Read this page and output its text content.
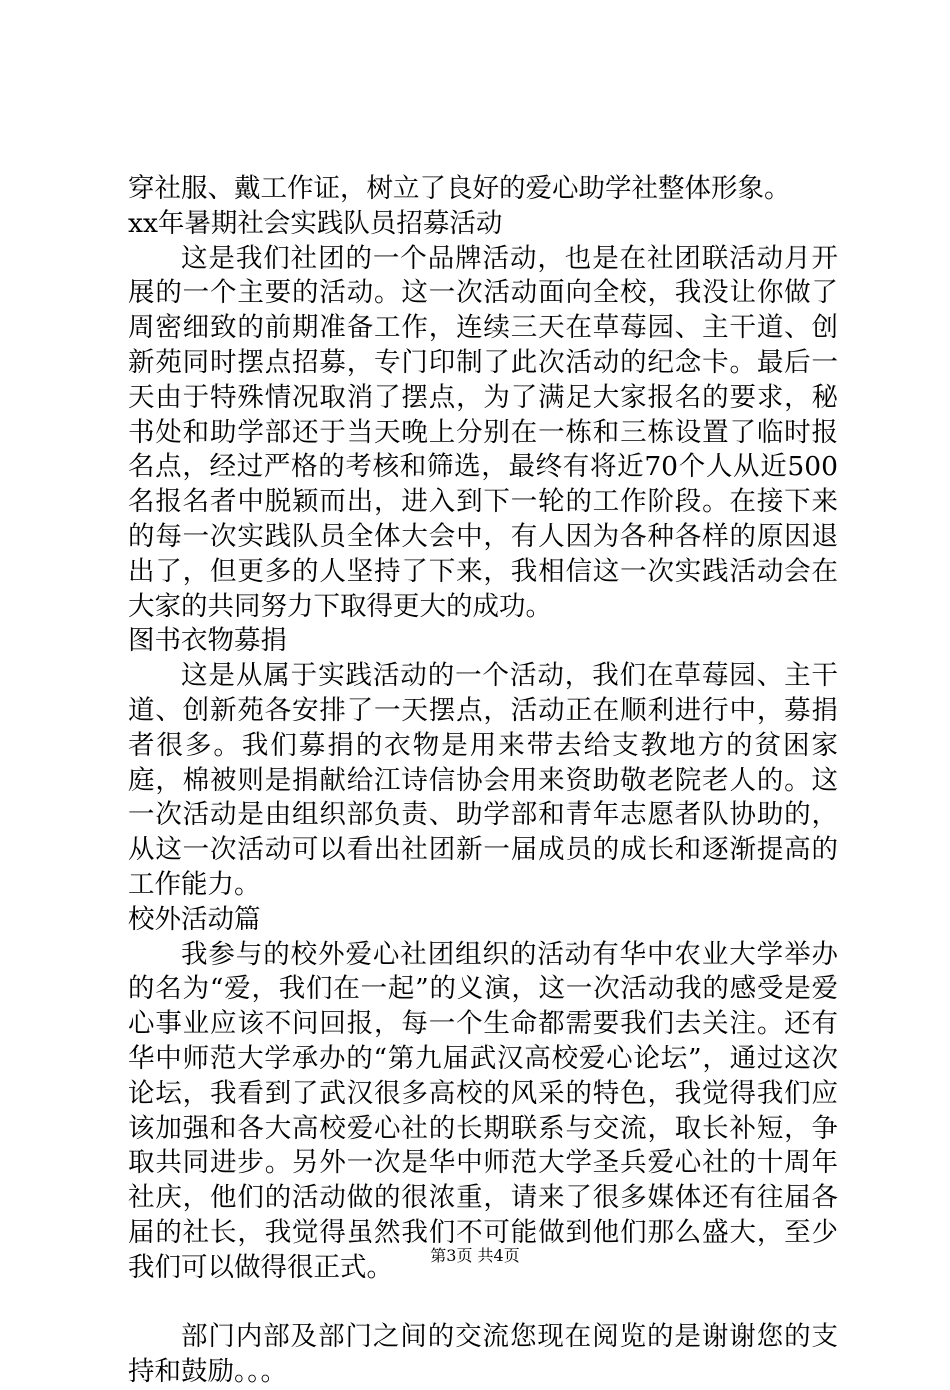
穿社服、戴工作证，树立了良好的爱心助学社整体形象。

xx年暑期社会实践队员招募活动

这是我们社团的一个品牌活动，也是在社团联活动月开展的一个主要的活动。这一次活动面向全校，我没让你做了周密细致的前期准备工作，连续三天在草莓园、主干道、创新苑同时摆点招募，专门印制了此次活动的纪念卡。最后一天由于特殊情况取消了摆点，为了满足大家报名的要求，秘书处和助学部还于当天晚上分别在一栋和三栋设置了临时报名点，经过严格的考核和筛选，最终有将近70个人从近500名报名者中脱颖而出，进入到下一轮的工作阶段。在接下来的每一次实践队员全体大会中，有人因为各种各样的原因退出了，但更多的人坚持了下来，我相信这一次实践活动会在大家的共同努力下取得更大的成功。

图书衣物募捐

这是从属于实践活动的一个活动，我们在草莓园、主干道、创新苑各安排了一天摆点，活动正在顺利进行中，募捐者很多。我们募捐的衣物是用来带去给支教地方的贫困家庭，棉被则是捐献给江诗信协会用来资助敬老院老人的。这一次活动是由组织部负责、助学部和青年志愿者队协助的，从这一次活动可以看出社团新一届成员的成长和逐渐提高的工作能力。

校外活动篇

我参与的校外爱心社团组织的活动有华中农业大学举办的名为“爱，我们在一起”的义演，这一次活动我的感受是爱心事业应该不问回报，每一个生命都需要我们去关注。还有华中师范大学承办的“第九届武汉高校爱心论坛”，通过这次论坛，我看到了武汉很多高校的风采的特色，我觉得我们应该加强和各大高校爱心社的长期联系与交流，取长补短，争取共同进步。另外一次是华中师范大学圣兵爱心社的十周年社庆，他们的活动做的很浓重，请来了很多媒体还有往届各届的社长，我觉得虽然我们不可能做到他们那么盛大，至少我们可以做得很正式。

部门内部及部门之间的交流您现在阅览的是谢谢您的支持和鼓励。。。

第3页 共4页
